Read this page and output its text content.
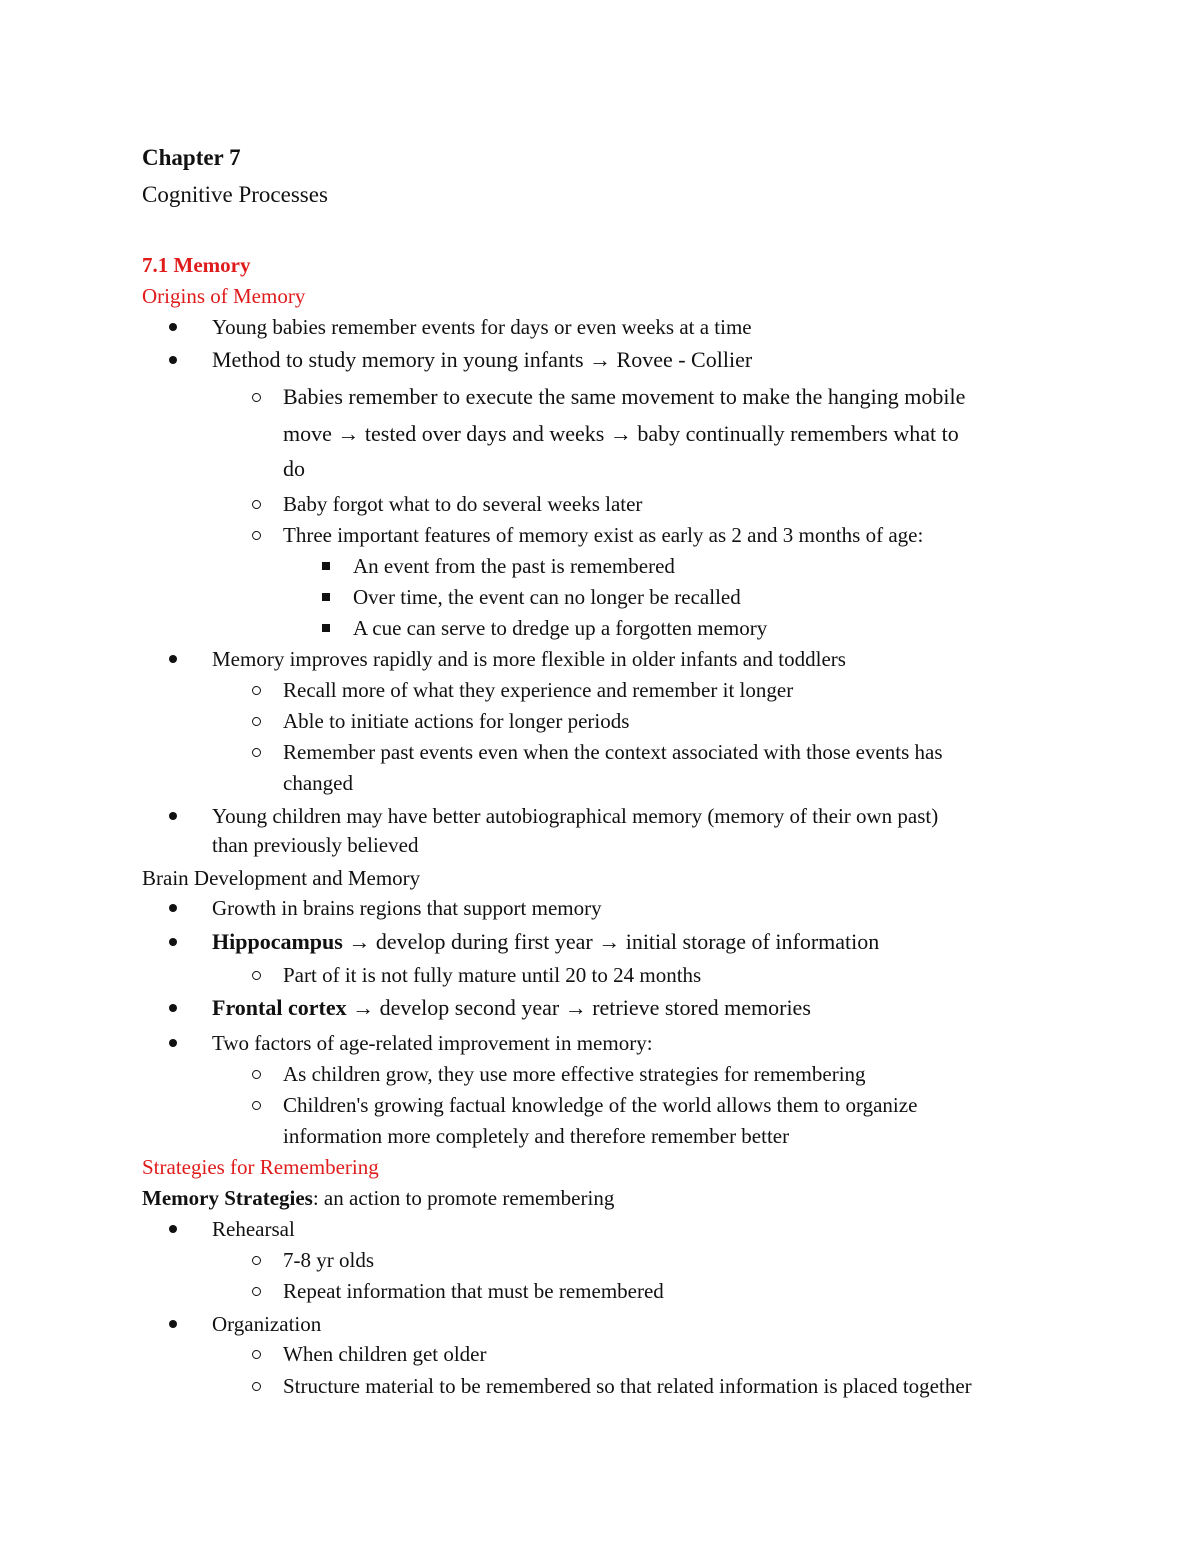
Chapter 7
Cognitive Processes
7.1 Memory
Origins of Memory
Young babies remember events for days or even weeks at a time
Method to study memory in young infants → Rovee - Collier
Babies remember to execute the same movement to make the hanging mobile
move → tested over days and weeks → baby continually remembers what to
do
Baby forgot what to do several weeks later
Three important features of memory exist as early as 2 and 3 months of age:
An event from the past is remembered
Over time, the event can no longer be recalled
A cue can serve to dredge up a forgotten memory
Memory improves rapidly and is more flexible in older infants and toddlers
Recall more of what they experience and remember it longer
Able to initiate actions for longer periods
Remember past events even when the context associated with those events has
changed
Young children may have better autobiographical memory (memory of their own past)
than previously believed
Brain Development and Memory
Growth in brains regions that support memory
Hippocampus → develop during first year → initial storage of information
Part of it is not fully mature until 20 to 24 months
Frontal cortex → develop second year → retrieve stored memories
Two factors of age-related improvement in memory:
As children grow, they use more effective strategies for remembering
Children's growing factual knowledge of the world allows them to organize
information more completely and therefore remember better
Strategies for Remembering
Memory Strategies: an action to promote remembering
Rehearsal
7-8 yr olds
Repeat information that must be remembered
Organization
When children get older
Structure material to be remembered so that related information is placed together
